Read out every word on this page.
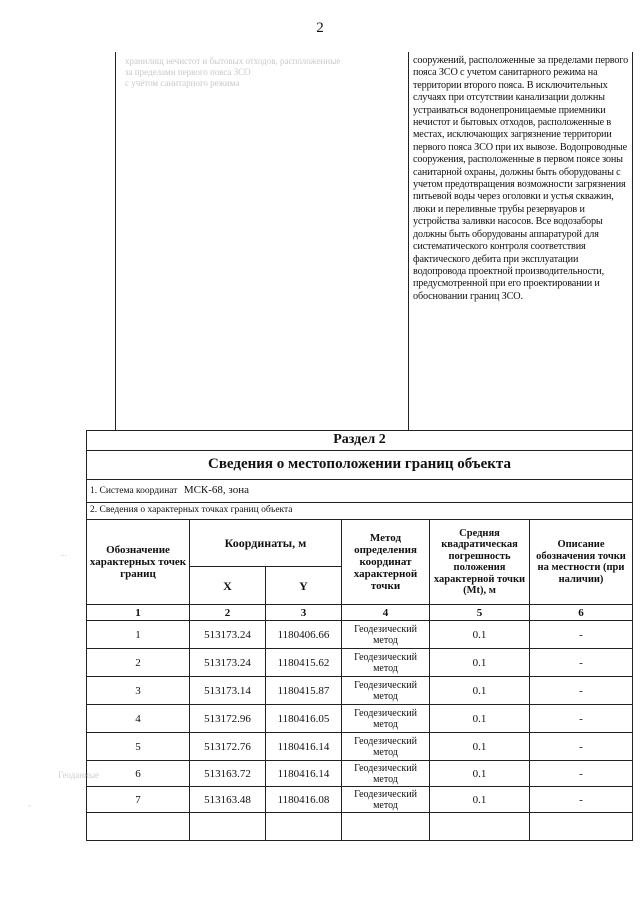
2
хранилищ нечистот и бытовых отходов, расположенные
за пределами первого пояса ЗСО
с учётом санитарного режима
сооружений, расположенные за пределами первого пояса ЗСО с учетом санитарного режима на территории второго пояса. В исключительных случаях при отсутствии канализации должны устраиваться водонепроницаемые приемники нечистот и бытовых отходов, расположенные в местах, исключающих загрязнение территории первого пояса ЗСО при их вывозе. Водопроводные сооружения, расположенные в первом поясе зоны санитарной охраны, должны быть оборудованы с учетом предотвращения возможности загрязнения питьевой воды через оголовки и устья скважин, люки и переливные трубы резервуаров и устройства заливки насосов. Все водозаборы должны быть оборудованы аппаратурой для систематического контроля соответствия фактического дебита при эксплуатации водопровода проектной производительности, предусмотренной при его проектировании и обосновании границ ЗСО.
Раздел 2
Сведения о местоположении границ объекта
1. Система координат МСК-68, зона
2. Сведения о характерных точках границ объекта
Обозначение характерных точек границ
Координаты, м
X	Y
Метод определения координат характерной точки
Средняя квадратическая погрешность положения характерной точки (Mt), м
Описание обозначения точки на местности (при наличии)
1	2	3	4	5	6
1	513173.24	1180406.66	Геодезический метод	0.1	-
2	513173.24	1180415.62	Геодезический метод	0.1	-
3	513173.14	1180415.87	Геодезический метод	0.1	-
4	513172.96	1180416.05	Геодезический метод	0.1	-
5	513172.76	1180416.14	Геодезический метод	0.1	-
6	513163.72	1180416.14	Геодезический метод	0.1	-
7	513163.48	1180416.08	Геодезический метод	0.1	-
...
Геоданные
-
